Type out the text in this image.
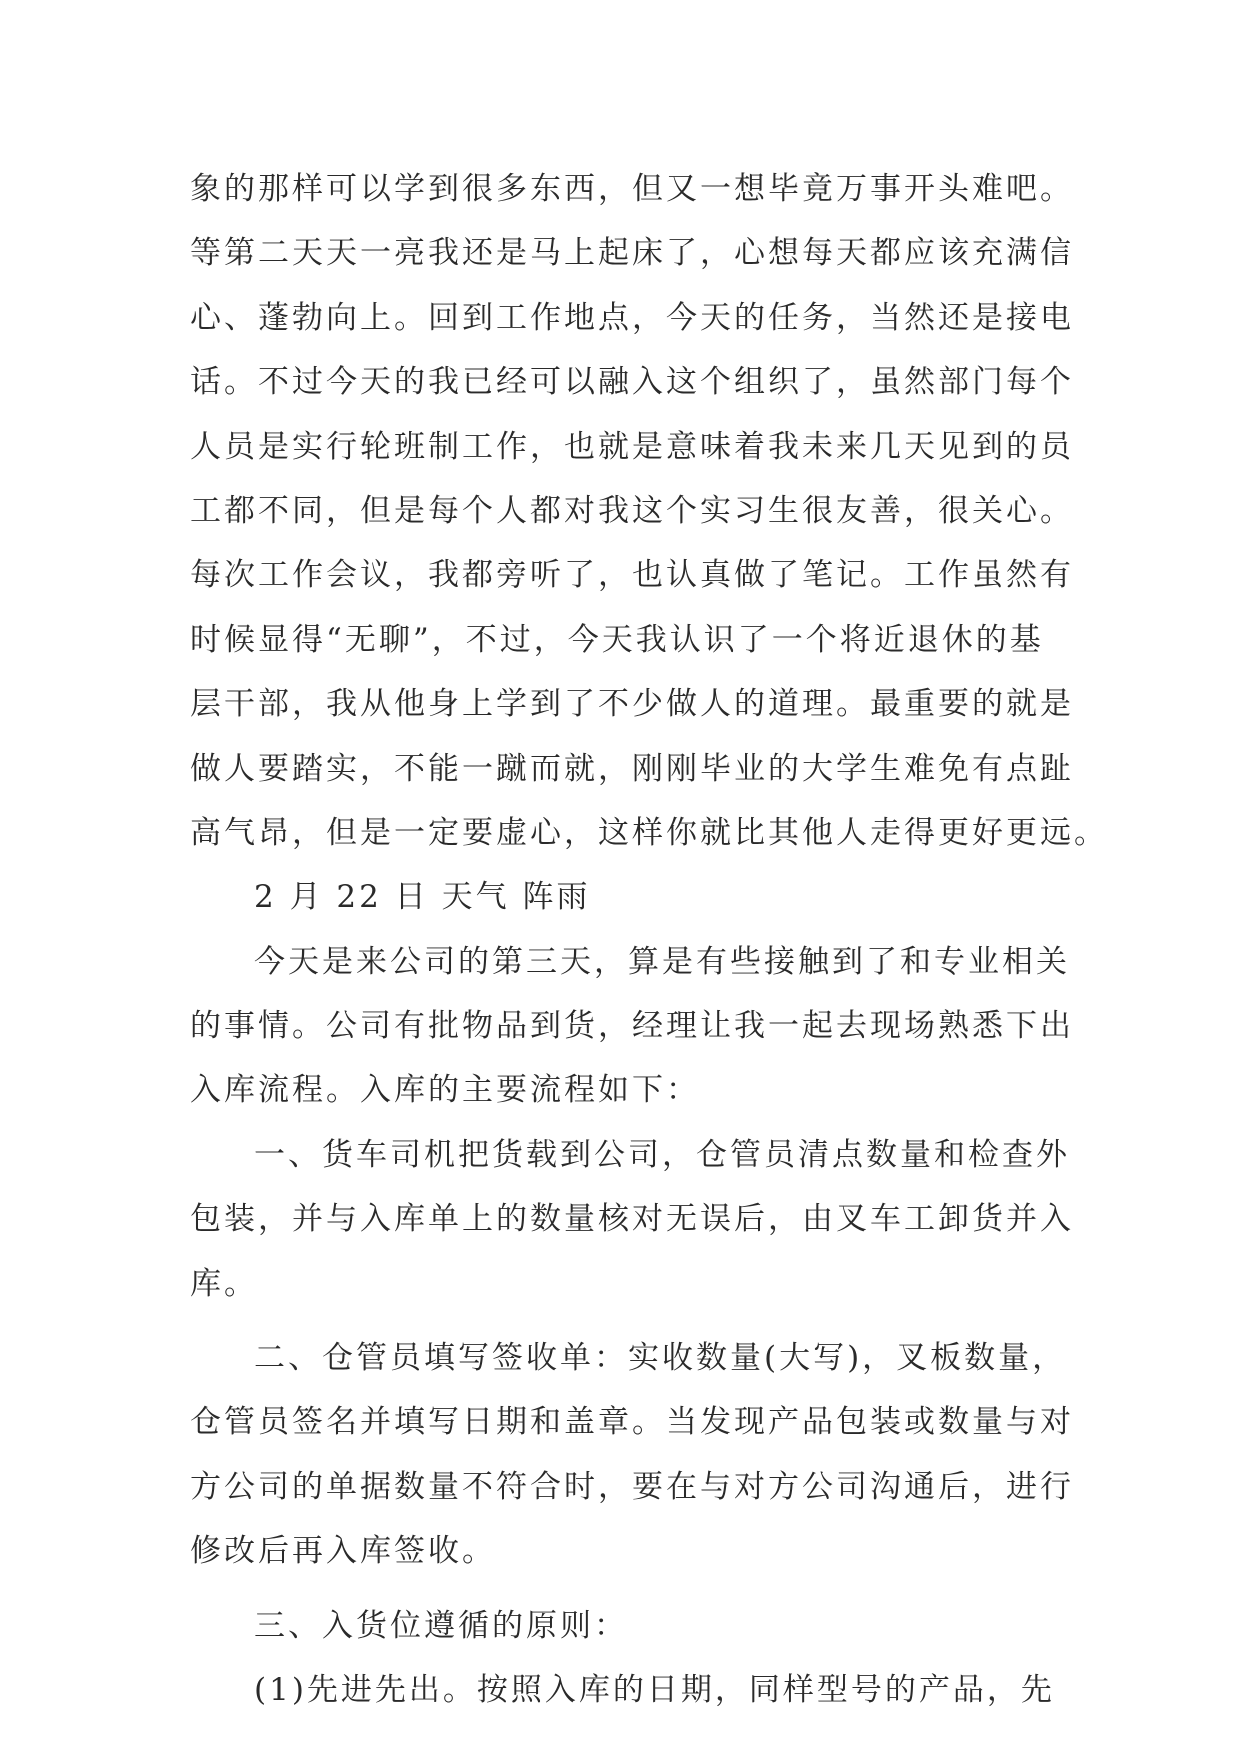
象的那样可以学到很多东西，但又一想毕竟万事开头难吧。
等第二天天一亮我还是马上起床了，心想每天都应该充满信
心、蓬勃向上。回到工作地点，今天的任务，当然还是接电
话。不过今天的我已经可以融入这个组织了，虽然部门每个
人员是实行轮班制工作，也就是意味着我未来几天见到的员
工都不同，但是每个人都对我这个实习生很友善，很关心。
每次工作会议，我都旁听了，也认真做了笔记。工作虽然有
时候显得“无聊”，不过，今天我认识了一个将近退休的基
层干部，我从他身上学到了不少做人的道理。最重要的就是
做人要踏实，不能一蹴而就，刚刚毕业的大学生难免有点趾
高气昂，但是一定要虚心，这样你就比其他人走得更好更远。
2 月 22 日 天气 阵雨
今天是来公司的第三天，算是有些接触到了和专业相关
的事情。公司有批物品到货，经理让我一起去现场熟悉下出
入库流程。入库的主要流程如下：
一、货车司机把货载到公司，仓管员清点数量和检查外
包装，并与入库单上的数量核对无误后，由叉车工卸货并入
库。
二、仓管员填写签收单：实收数量(大写)，叉板数量，
仓管员签名并填写日期和盖章。当发现产品包装或数量与对
方公司的单据数量不符合时，要在与对方公司沟通后，进行
修改后再入库签收。
三、入货位遵循的原则：
(1)先进先出。按照入库的日期，同样型号的产品，先
